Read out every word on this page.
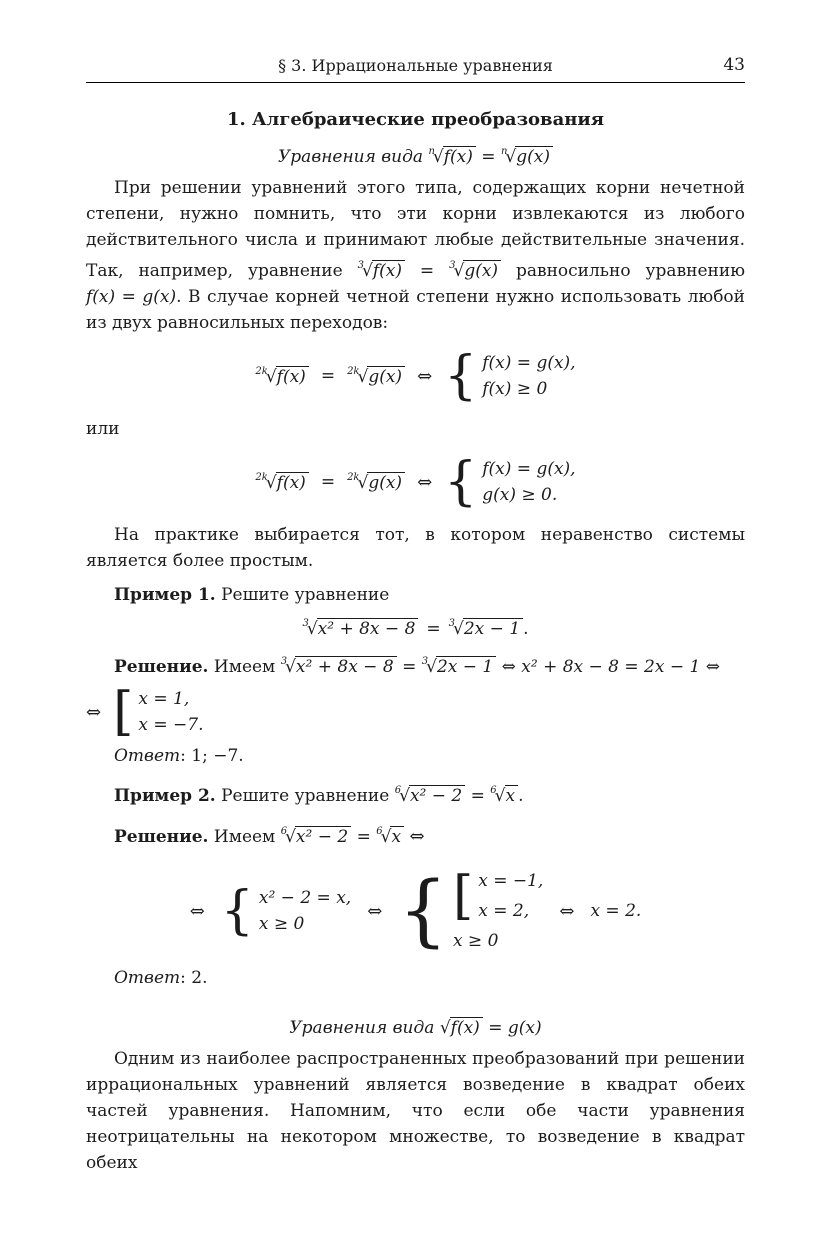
§ 3. Иррациональные уравнения	43
1. Алгебраические преобразования
Уравнения вида $^n$√f(x) = $^n$√g(x)

При решении уравнений этого типа, содержащих корни нечетной степени, нужно помнить, что эти корни извлекаются из любого действительного числа и принимают любые действительные значения. Так, например, уравнение $^3$√f(x) = $^3$√g(x) равносильно уравнению f(x) = g(x). В случае корней четной степени нужно использовать любой из двух равносильных переходов:

$^{2k}$√f(x) = $^{2k}$√g(x) ⇔ { f(x) = g(x),
f(x) ≥ 0

или

$^{2k}$√f(x) = $^{2k}$√g(x) ⇔ { f(x) = g(x),
g(x) ≥ 0.

На практике выбирается тот, в котором неравенство системы является более простым.

Пример 1. Решите уравнение

$^3$√x² + 8x − 8 = $^3$√2x − 1 .

Решение. Имеем $^3$√x² + 8x − 8 = $^3$√2x − 1 ⇔ x² + 8x − 8 = 2x − 1 ⇔

⇔ [ x = 1,
x = −7.

Ответ: 1; −7.

Пример 2. Решите уравнение $^6$√x² − 2 = $^6$√x .

Решение. Имеем $^6$√x² − 2 = $^6$√x ⇔

⇔ { x² − 2 = x,
x ≥ 0
⇔ { [ x = −1,
x = 2,
x ≥ 0
⇔ x = 2.

Ответ: 2.

Уравнения вида √f(x) = g(x)

Одним из наиболее распространенных преобразований при решении иррациональных уравнений является возведение в квадрат обеих частей уравнения. Напомним, что если обе части уравнения неотрицательны на некотором множестве, то возведение в квадрат обеих
